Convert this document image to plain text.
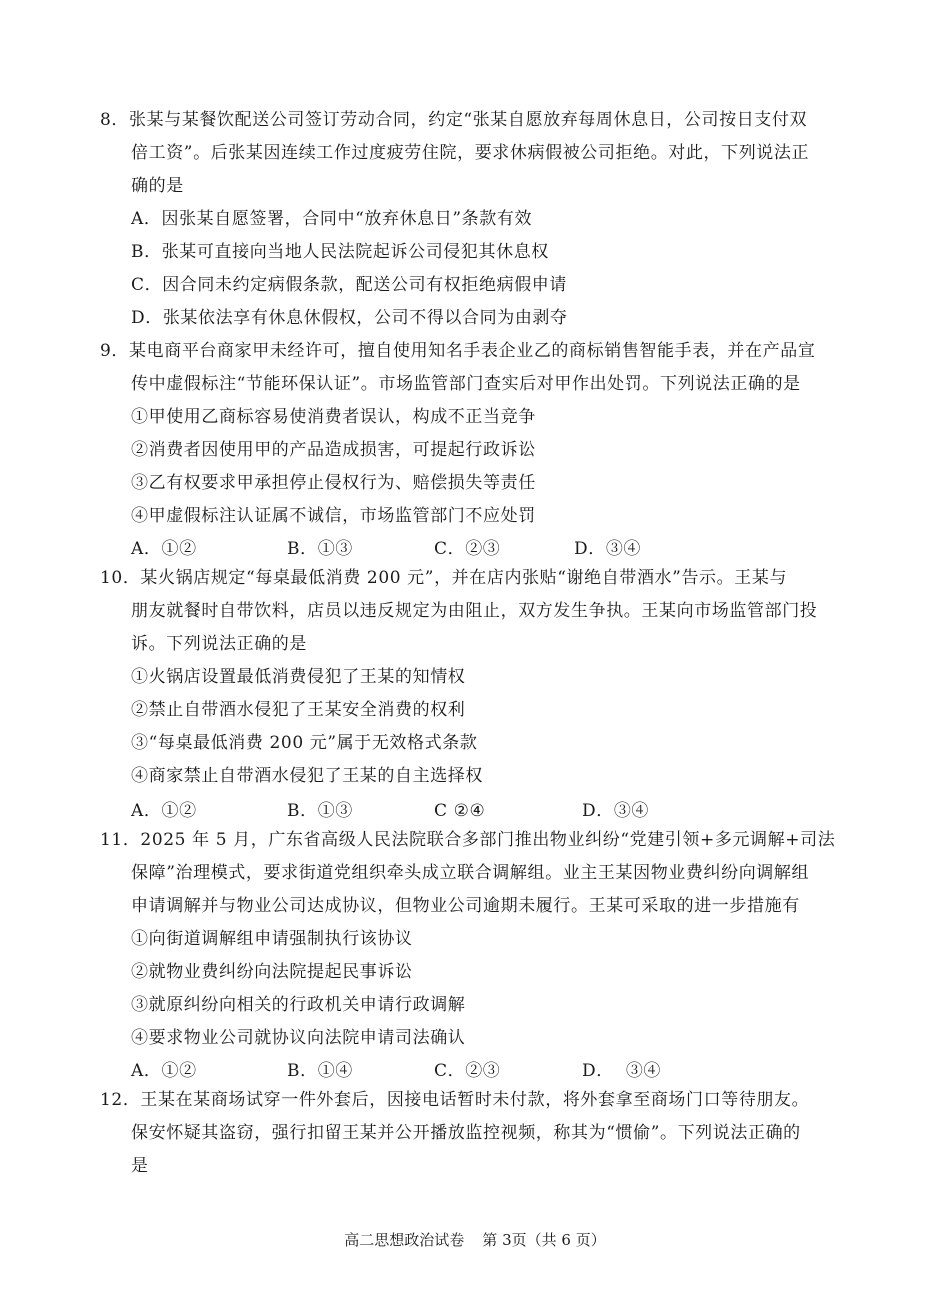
8．张某与某餐饮配送公司签订劳动合同，约定“张某自愿放弃每周休息日，公司按日支付双
倍工资”。后张某因连续工作过度疲劳住院，要求休病假被公司拒绝。对此，下列说法正
确的是
A．因张某自愿签署，合同中“放弃休息日”条款有效
B．张某可直接向当地人民法院起诉公司侵犯其休息权
C．因合同未约定病假条款，配送公司有权拒绝病假申请
D．张某依法享有休息休假权，公司不得以合同为由剥夺
9．某电商平台商家甲未经许可，擅自使用知名手表企业乙的商标销售智能手表，并在产品宣
传中虚假标注“节能环保认证”。市场监管部门查实后对甲作出处罚。下列说法正确的是
①甲使用乙商标容易使消费者误认，构成不正当竞争
②消费者因使用甲的产品造成损害，可提起行政诉讼
③乙有权要求甲承担停止侵权行为、赔偿损失等责任
④甲虚假标注认证属不诚信，市场监管部门不应处罚
A．①②	B．①③	C．②③	D．③④
10．某火锅店规定“每桌最低消费 200 元”，并在店内张贴“谢绝自带酒水”告示。王某与
朋友就餐时自带饮料，店员以违反规定为由阻止，双方发生争执。王某向市场监管部门投
诉。下列说法正确的是
①火锅店设置最低消费侵犯了王某的知情权
②禁止自带酒水侵犯了王某安全消费的权利
③“每桌最低消费 200 元”属于无效格式条款
④商家禁止自带酒水侵犯了王某的自主选择权
A．①②	B．①③	C ②④	D．③④
11．2025 年 5 月，广东省高级人民法院联合多部门推出物业纠纷“党建引领+多元调解+司法
保障”治理模式，要求街道党组织牵头成立联合调解组。业主王某因物业费纠纷向调解组
申请调解并与物业公司达成协议，但物业公司逾期未履行。王某可采取的进一步措施有
①向街道调解组申请强制执行该协议
②就物业费纠纷向法院提起民事诉讼
③就原纠纷向相关的行政机关申请行政调解
④要求物业公司就协议向法院申请司法确认
A．①②	B．①④	C．②③	D．  ③④
12．王某在某商场试穿一件外套后，因接电话暂时未付款，将外套拿至商场门口等待朋友。
保安怀疑其盗窃，强行扣留王某并公开播放监控视频，称其为“惯偷”。下列说法正确的
是
高二思想政治试卷 第 3页（共 6 页）
